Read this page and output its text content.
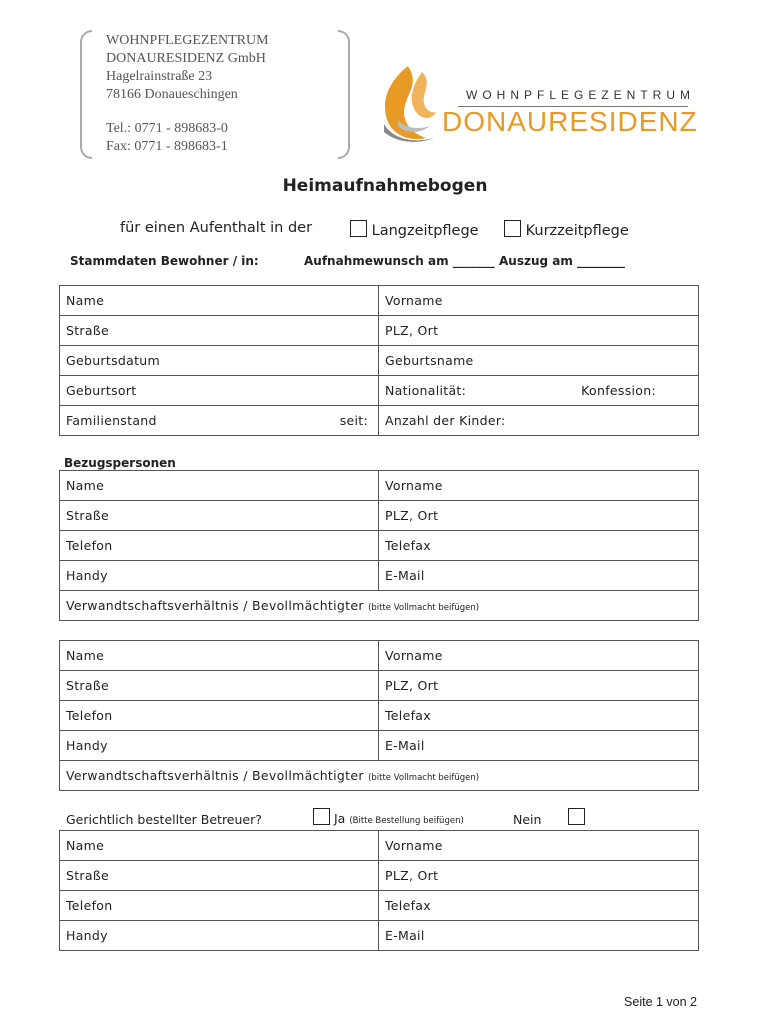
WOHNPFLEGEZENTRUM
DONAURESIDENZ GmbH
Hagelrainstraße 23
78166 Donaueschingen
Tel.: 0771 - 898683-0
Fax: 0771 - 898683-1
WOHNPFLEGEZENTRUM
DONAURESIDENZ
Heimaufnahmebogen
für einen Aufenthalt in der	Langzeitpflege	Kurzzeitpflege
Stammdaten Bewohner / in:	Aufnahmewunsch am _______ Auszug am ________
Name	Vorname
Straße	PLZ, Ort
Geburtsdatum	Geburtsname
Geburtsort	Nationalität: Konfession:

Familienstand seit:	Anzahl der Kinder:
Bezugspersonen
Name	Vorname
Straße	PLZ, Ort
Telefon	Telefax
Handy	E-Mail
Verwandtschaftsverhältnis / Bevollmächtigter (bitte Vollmacht beifügen)	
Name	Vorname
Straße	PLZ, Ort
Telefon	Telefax
Handy	E-Mail
Verwandtschaftsverhältnis / Bevollmächtigter (bitte Vollmacht beifügen)	
Gerichtlich bestellter Betreuer?	Ja (Bitte Bestellung beifügen)	Nein
Name	Vorname
Straße	PLZ, Ort
Telefon	Telefax
Handy	E-Mail
Seite 1 von 2
